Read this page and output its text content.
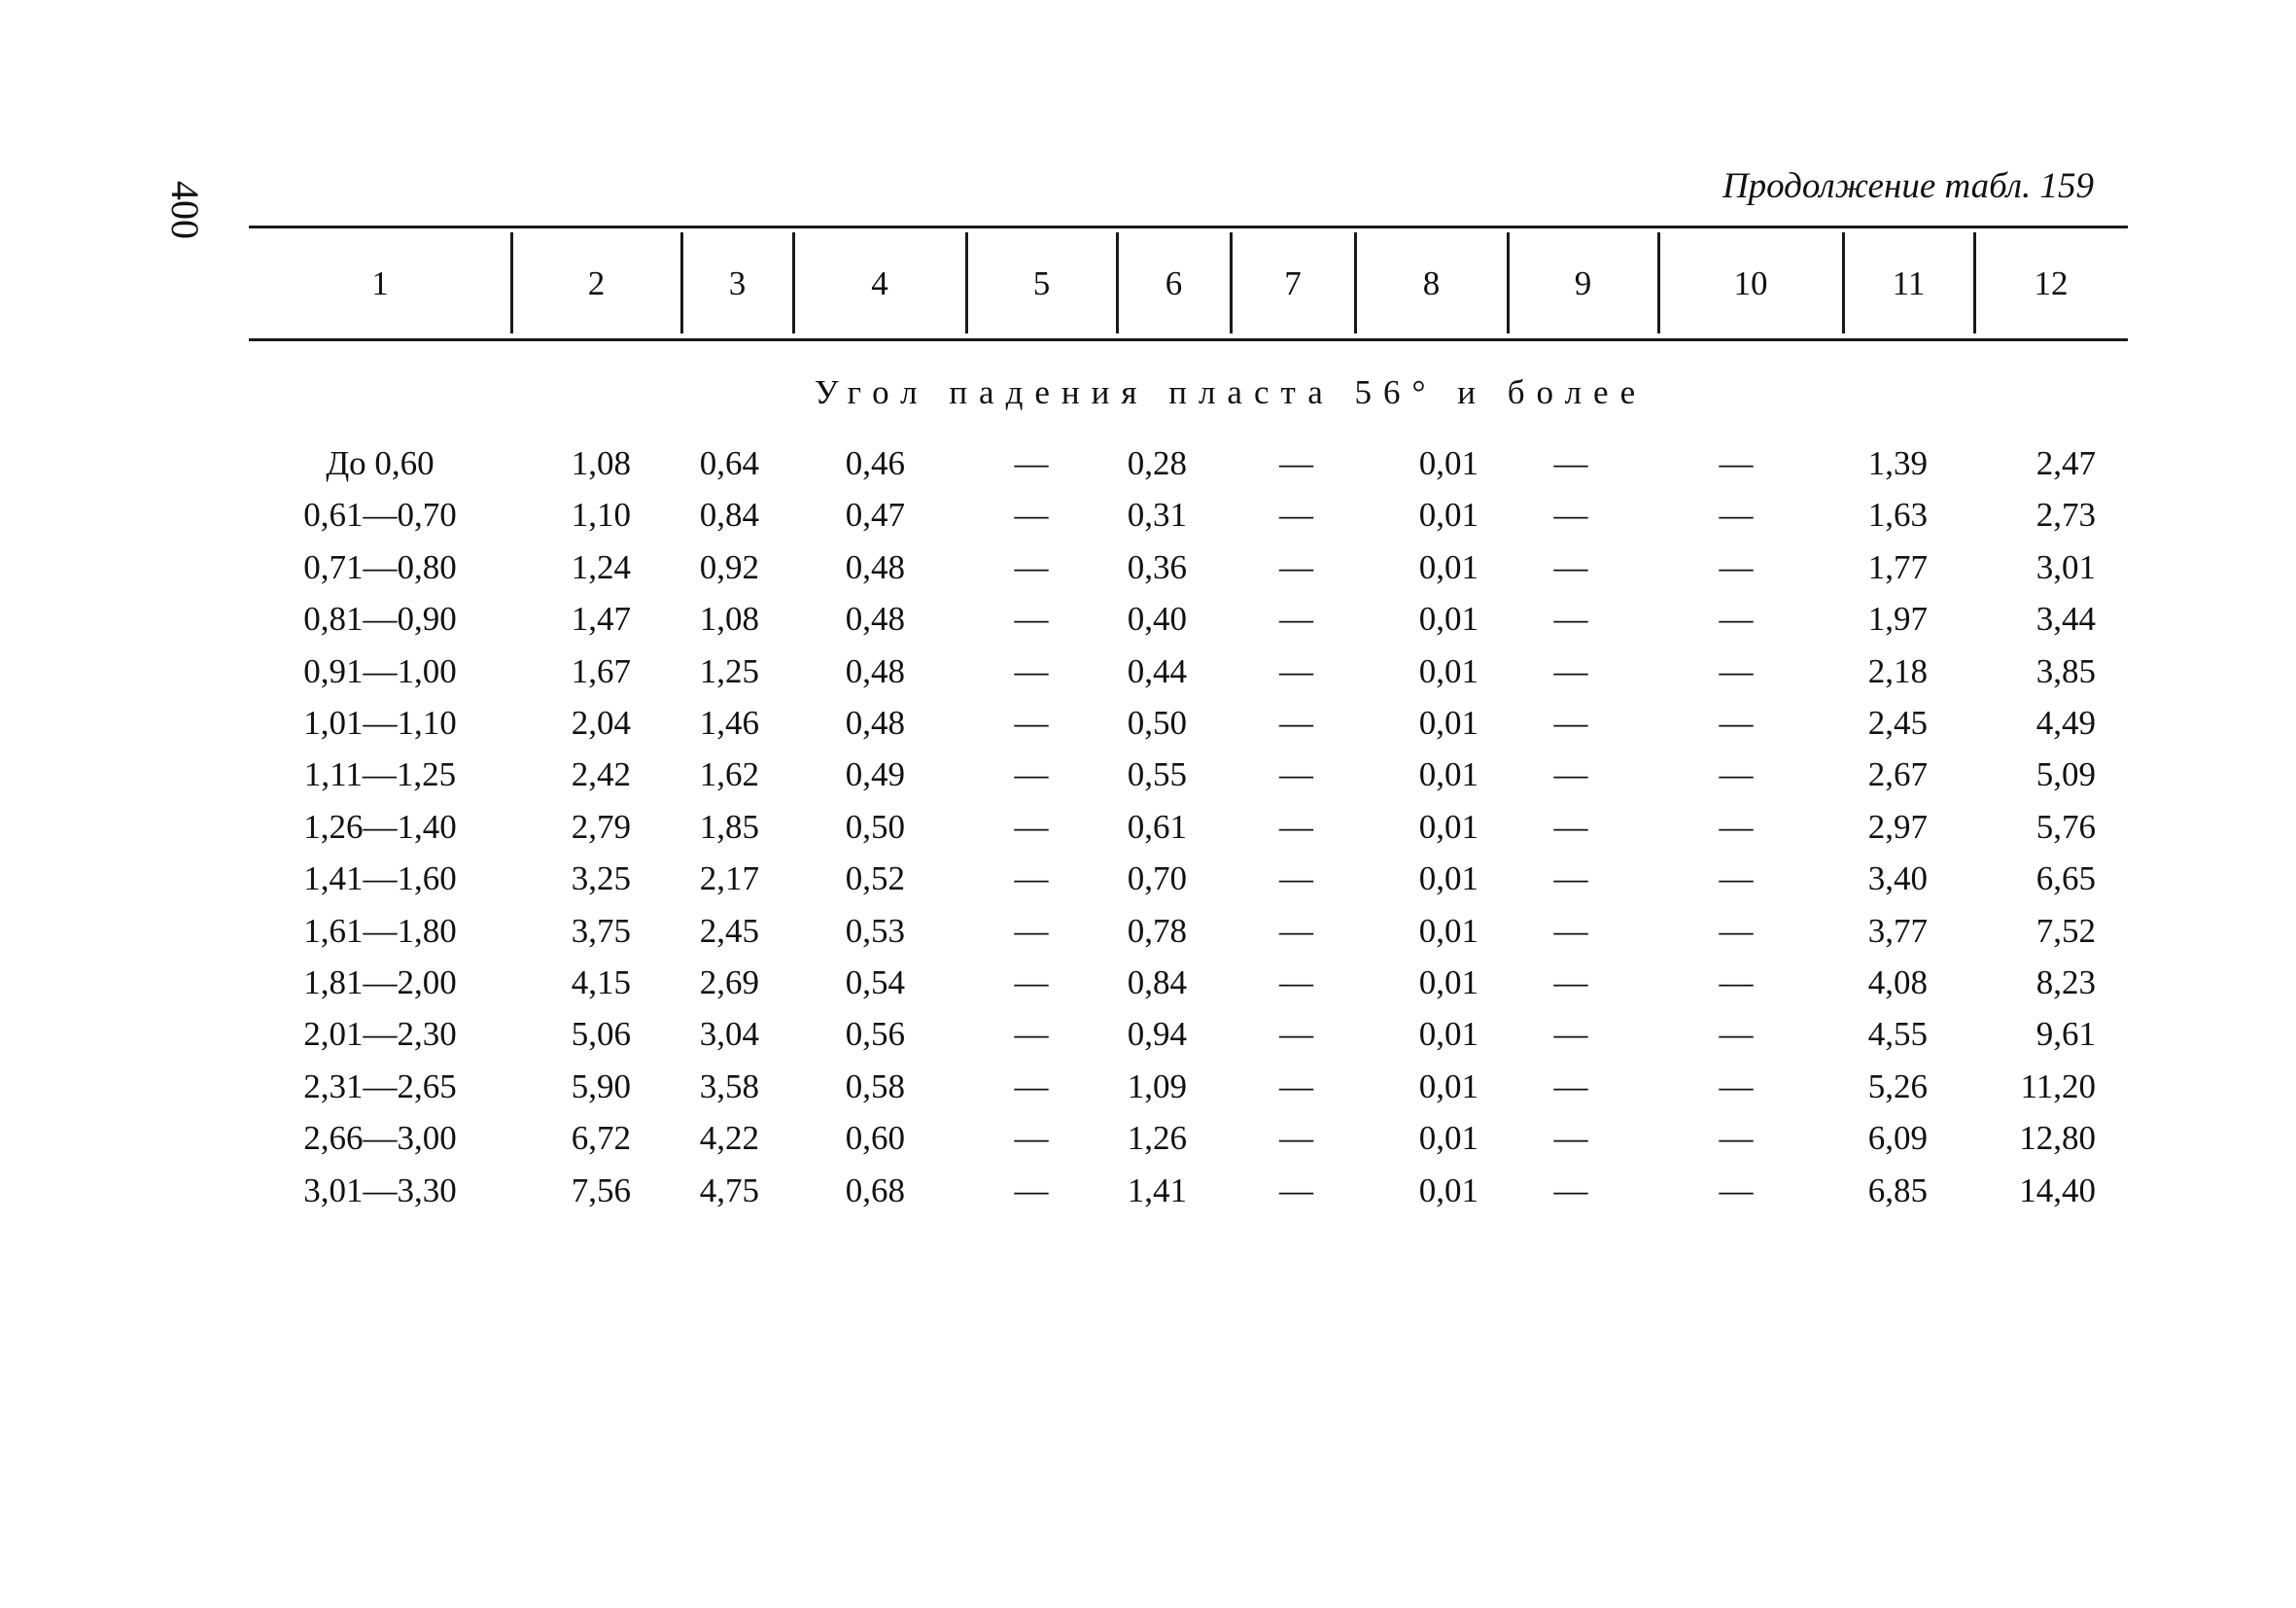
400	Продолжение табл. 159
1	2	3	4	5	6	7	8	9	10	11	12
Угол падения пласта 56° и более
До 0,60	1,08	0,64	0,46	—	0,28	—	0,01	—	—	1,39	2,47
0,61—0,70	1,10	0,84	0,47	—	0,31	—	0,01	—	—	1,63	2,73
0,71—0,80	1,24	0,92	0,48	—	0,36	—	0,01	—	—	1,77	3,01
0,81—0,90	1,47	1,08	0,48	—	0,40	—	0,01	—	—	1,97	3,44
0,91—1,00	1,67	1,25	0,48	—	0,44	—	0,01	—	—	2,18	3,85
1,01—1,10	2,04	1,46	0,48	—	0,50	—	0,01	—	—	2,45	4,49
1,11—1,25	2,42	1,62	0,49	—	0,55	—	0,01	—	—	2,67	5,09
1,26—1,40	2,79	1,85	0,50	—	0,61	—	0,01	—	—	2,97	5,76
1,41—1,60	3,25	2,17	0,52	—	0,70	—	0,01	—	—	3,40	6,65
1,61—1,80	3,75	2,45	0,53	—	0,78	—	0,01	—	—	3,77	7,52
1,81—2,00	4,15	2,69	0,54	—	0,84	—	0,01	—	—	4,08	8,23
2,01—2,30	5,06	3,04	0,56	—	0,94	—	0,01	—	—	4,55	9,61
2,31—2,65	5,90	3,58	0,58	—	1,09	—	0,01	—	—	5,26	11,20
2,66—3,00	6,72	4,22	0,60	—	1,26	—	0,01	—	—	6,09	12,80
3,01—3,30	7,56	4,75	0,68	—	1,41	—	0,01	—	—	6,85	14,40
